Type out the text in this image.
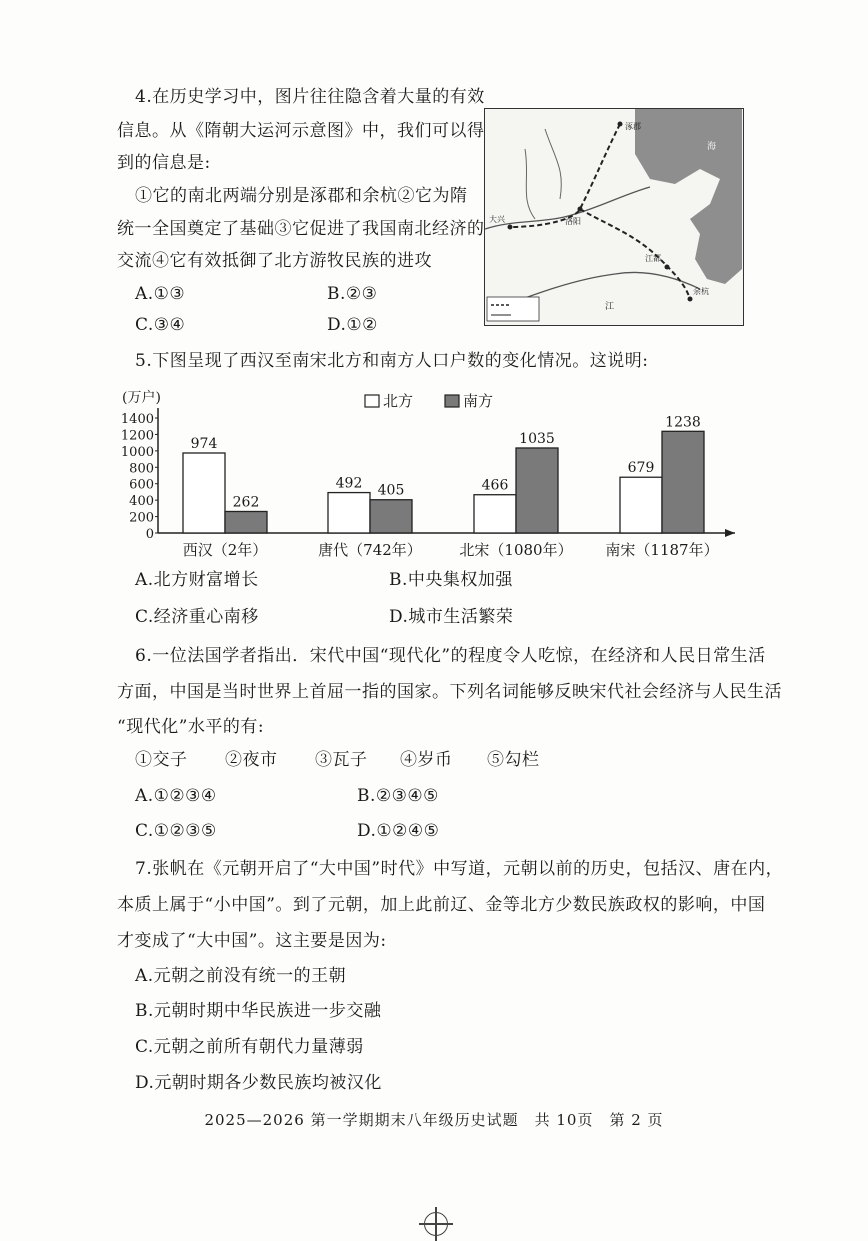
4.在历史学习中，图片往往隐含着大量的有效
信息。从《隋朝大运河示意图》中，我们可以得
到的信息是:
①它的南北两端分别是涿郡和余杭②它为隋
统一全国奠定了基础③它促进了我国南北经济的
交流④它有效抵御了北方游牧民族的进攻
A.①③	B.②③
C.③④	D.①②
涿郡
大兴	洛阳
江都
余杭
海
江
5.下图呈现了西汉至南宋北方和南方人口户数的变化情况。这说明:
(万户)
0
200
400
600
800
1000
1200
1400
北方	南方
974
262
西汉（2年）
492 405
唐代（742年）
466
1035
北宋（1080年）
679
1238
南宋（1187年）
A.北方财富增长	B.中央集权加强
C.经济重心南移	D.城市生活繁荣
6.一位法国学者指出．宋代中国“现代化”的程度令人吃惊，在经济和人民日常生活
方面，中国是当时世界上首屈一指的国家。下列名词能够反映宋代社会经济与人民生活
“现代化”水平的有:
①交子 ②夜市 ③瓦子 ④岁币 ⑤勾栏
A.①②③④	B.②③④⑤
C.①②③⑤	D.①②④⑤
7.张帆在《元朝开启了“大中国”时代》中写道，元朝以前的历史，包括汉、唐在内，
本质上属于“小中国”。到了元朝，加上此前辽、金等北方少数民族政权的影响，中国
才变成了“大中国”。这主要是因为:
A.元朝之前没有统一的王朝
B.元朝时期中华民族进一步交融
C.元朝之前所有朝代力量薄弱
D.元朝时期各少数民族均被汉化
2025—2026 第一学期期末八年级历史试题　共 10页　第 2 页
